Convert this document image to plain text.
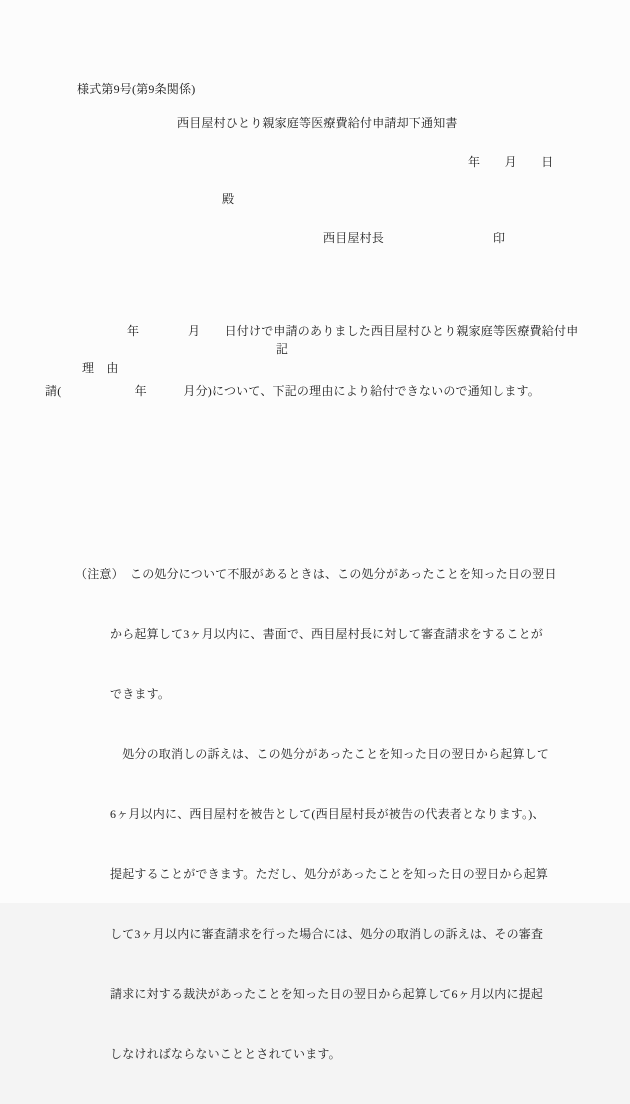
様式第9号(第9条関係)
西目屋村ひとり親家庭等医療費給付申請却下通知書
年　　月　　日
殿
西目屋村長	印

年　　　　月　　日付けで申請のありました西目屋村ひとり親家庭等医療費給付申

請(　　　　　　年　　　月分)について、下記の理由により給付できないので通知します。

記
理　由

（注意）　この処分について不服があるときは、この処分があったことを知った日の翌日

から起算して3ヶ月以内に、書面で、西目屋村長に対して審査請求をすることが

できます。

　処分の取消しの訴えは、この処分があったことを知った日の翌日から起算して

6ヶ月以内に、西目屋村を被告として(西目屋村長が被告の代表者となります。)、

提起することができます。ただし、処分があったことを知った日の翌日から起算

して3ヶ月以内に審査請求を行った場合には、処分の取消しの訴えは、その審査

請求に対する裁決があったことを知った日の翌日から起算して6ヶ月以内に提起

しなければならないこととされています。
